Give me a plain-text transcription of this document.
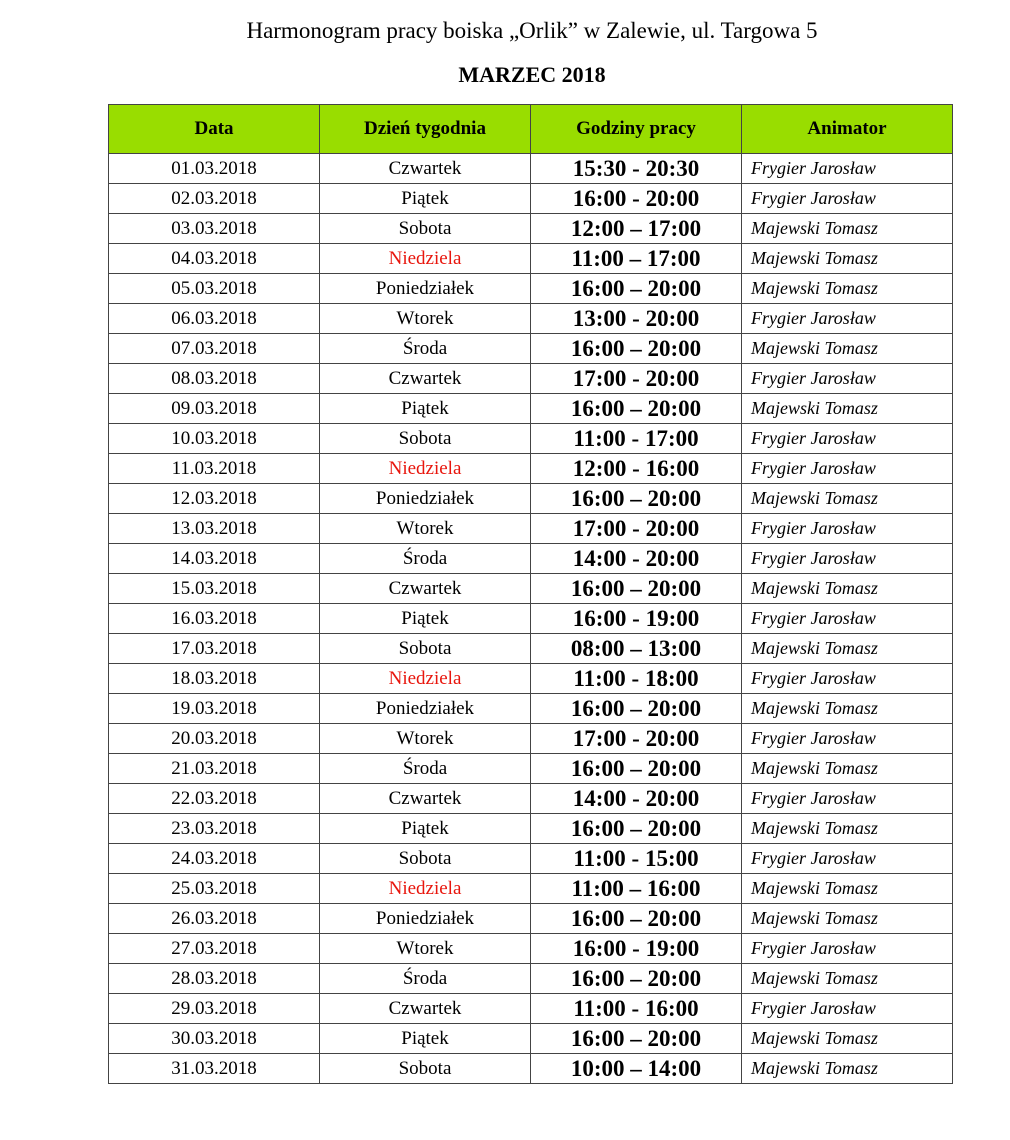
Harmonogram pracy boiska „Orlik” w Zalewie, ul. Targowa 5
MARZEC 2018
Data	Dzień tygodnia	Godziny pracy	Animator
01.03.2018	Czwartek	15:30 - 20:30	Frygier Jarosław
02.03.2018	Piątek	16:00 - 20:00	Frygier Jarosław
03.03.2018	Sobota	12:00 – 17:00	Majewski Tomasz
04.03.2018	Niedziela	11:00 – 17:00	Majewski Tomasz
05.03.2018	Poniedziałek	16:00 – 20:00	Majewski Tomasz
06.03.2018	Wtorek	13:00 - 20:00	Frygier Jarosław
07.03.2018	Środa	16:00 – 20:00	Majewski Tomasz
08.03.2018	Czwartek	17:00 - 20:00	Frygier Jarosław
09.03.2018	Piątek	16:00 – 20:00	Majewski Tomasz
10.03.2018	Sobota	11:00 - 17:00	Frygier Jarosław
11.03.2018	Niedziela	12:00 - 16:00	Frygier Jarosław
12.03.2018	Poniedziałek	16:00 – 20:00	Majewski Tomasz
13.03.2018	Wtorek	17:00 - 20:00	Frygier Jarosław
14.03.2018	Środa	14:00 - 20:00	Frygier Jarosław
15.03.2018	Czwartek	16:00 – 20:00	Majewski Tomasz
16.03.2018	Piątek	16:00 - 19:00	Frygier Jarosław
17.03.2018	Sobota	08:00 – 13:00	Majewski Tomasz
18.03.2018	Niedziela	11:00 - 18:00	Frygier Jarosław
19.03.2018	Poniedziałek	16:00 – 20:00	Majewski Tomasz
20.03.2018	Wtorek	17:00 - 20:00	Frygier Jarosław
21.03.2018	Środa	16:00 – 20:00	Majewski Tomasz
22.03.2018	Czwartek	14:00 - 20:00	Frygier Jarosław
23.03.2018	Piątek	16:00 – 20:00	Majewski Tomasz
24.03.2018	Sobota	11:00 - 15:00	Frygier Jarosław
25.03.2018	Niedziela	11:00 – 16:00	Majewski Tomasz
26.03.2018	Poniedziałek	16:00 – 20:00	Majewski Tomasz
27.03.2018	Wtorek	16:00 - 19:00	Frygier Jarosław
28.03.2018	Środa	16:00 – 20:00	Majewski Tomasz
29.03.2018	Czwartek	11:00 - 16:00	Frygier Jarosław
30.03.2018	Piątek	16:00 – 20:00	Majewski Tomasz
31.03.2018	Sobota	10:00 – 14:00	Majewski Tomasz
